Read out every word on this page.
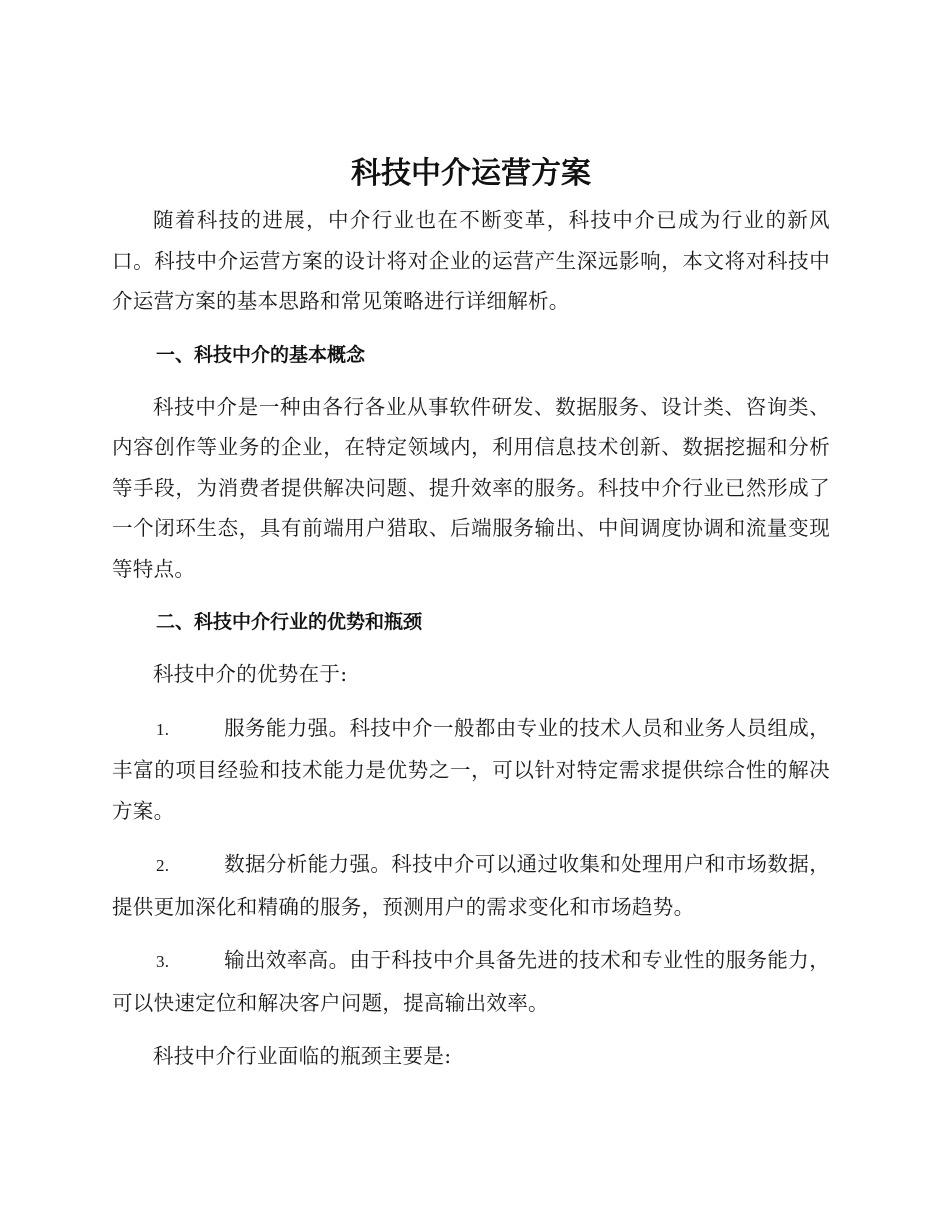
科技中介运营方案

随着科技的进展，中介行业也在不断变革，科技中介已成为行业的新风口。科技中介运营方案的设计将对企业的运营产生深远影响，本文将对科技中介运营方案的基本思路和常见策略进行详细解析。

一、科技中介的基本概念

科技中介是一种由各行各业从事软件研发、数据服务、设计类、咨询类、内容创作等业务的企业，在特定领域内，利用信息技术创新、数据挖掘和分析等手段，为消费者提供解决问题、提升效率的服务。科技中介行业已然形成了一个闭环生态，具有前端用户猎取、后端服务输出、中间调度协调和流量变现等特点。

二、科技中介行业的优势和瓶颈

科技中介的优势在于:

1.	服务能力强。科技中介一般都由专业的技术人员和业务人员组成，丰富的项目经验和技术能力是优势之一，可以针对特定需求提供综合性的解决方案。

2.	数据分析能力强。科技中介可以通过收集和处理用户和市场数据，提供更加深化和精确的服务，预测用户的需求变化和市场趋势。

3.	输出效率高。由于科技中介具备先进的技术和专业性的服务能力，可以快速定位和解决客户问题，提高输出效率。

科技中介行业面临的瓶颈主要是:
